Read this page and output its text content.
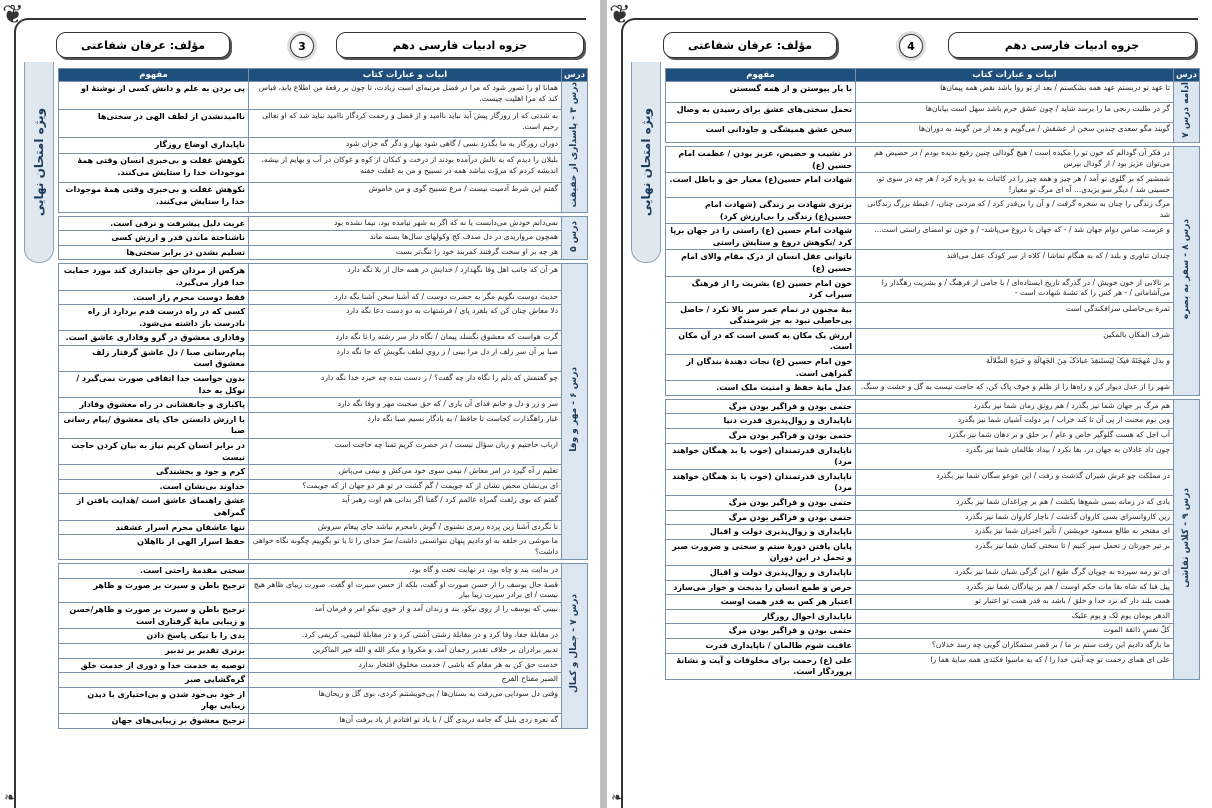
❦
جزوه ادبیات فارسی دهم
3
مؤلف: عرفان شفاعتی
ویژه امتحان نهایی
درس	ابیات و عبارات کتاب	مفهوم
درس ۳ - پاسداری از حقیقت	همانا او را تصور شود که مرا در فضل مرتبه‌ای است زیادت، تا چون بر رقعهٔ من اطلاع یابد، قیاس کند که مرا اهلیت چیست.	پی بردن به علم و دانش کسی از نوشتهٔ او
	به شدتی که از روزگار پیش آید نباید ناامید و از فضل و رحمت کردگار ناامید نباید شد که او تعالی رحیم است.	ناامیدنشدن از لطف الهی در سختی‌ها
	دوران روزگار به ما بگذرد بسی / گاهی شود بهار و دگر گه خزان شود	ناپایداری اوضاع روزگار
	بلبلان را دیدم که به نالش درآمده بودند از درخت و کبکان از کوه و غوکان در آب و بهایم از بیشه، اندیشه کردم که مروّت نباشد همه در تسبیح و من به غفلت خفته	نکوهش غفلت و بی‌خبری انسان وقتی همهٔ موجودات خدا را ستایش می‌کنند.
	گفتم این شرط آدمیت نیست / مرغ تسبیح گوی و من خاموش	نکوهش غفلت و بی‌خبری وقتی همهٔ موجودات خدا را ستایش می‌کنند.

درس ۵	نمی‌دانم خودش می‌دانست یا نه که اگر به شهر نیامده بود، نیما نشده بود	غربت دلیل پیشرفت و ترقی است.
	همچون مرواریدی در دل صدف کج وکولهای سال‌ها بسته ماند	ناشناخته ماندن قدر و ارزش کسی
	هر چه بر او سخت گرفتند کمربند خود را تنگ‌تر بست	تسلیم نشدن در برابر سختی‌ها

درس ۶ - مهر و وفا	هر آن که جانب اهل وفا نگهدارد / خدایش در همه حال از بلا نگه دارد	هرکس از مردان حق جانبداری کند مورد حمایت خدا قرار می‌گیرد.
	حدیث دوست نگویم مگر به حضرت دوست / که آشنا سخن آشنا نگه دارد	فقط دوست محرم راز است.
	دلا معاش چنان کن که بلغزد پای / فرشتهات به دو دست دعا نگه دارد	کسی که در راه درست قدم بردارد از راه نادرست باز داشته می‌شود.
	گرت هواست که معشوق نگسلد پیمان / نگاه دار سر رشته را تا نگه دارد	وفاداری معشوق در گرو وفاداری عاشق است.
	صبا بر آن سر زلف ار دل مرا بینی / ز روی لطف بگویش که جا نگه دارد	پیام‌رسانی صبا / دل عاشق گرفتار زلف معشوق است
	چو گفتمش که دلم را نگاه دار چه گفت؟ / ز دست بنده چه خیزد خدا نگه دارد	بدون خواست خدا اتفاقی صورت نمی‌گیرد /توکل به خدا
	سر و زر و دل و جانم فدای آن یاری / که حق صحبت مهر و وفا نگه دارد	پاکبازی و جانفشانی در راه معشوق وفادار
	غبار راهگذارت کجاست تا حافظ / به یادگار نسیم صبا نگه دارد	با ارزش دانستن خاک پای معشوق /پیام رسانی صبا
	ارباب حاجتیم و زبان سؤال نیست / در حضرت کریم تمنا چه حاجت است	در برابر انسان کریم نیاز به بیان کردن حاجت نیست
	تعلیم ز آه گیرد در امر معاش / نیمی سوی خود می‌کش و نیمی می‌پاش	کرم و جود و بخشندگی
	ای بی‌نشان محض نشان از که جویمت / گم گشت در تو هر دو جهان از که جویمت؟	خداوند بی‌نشان است.
	گفتم که بوی زلفت گمراه عالمم کرد / گفتا اگر بدانی هم اوت رهبر آید	عشق راهنمای عاشق است /هدایت یافتن از گمراهی
	تا نگردی آشنا زین پرده رمزی نشنوی / گوش نامحرم نباشد جای پیغام سروش	تنها عاشقان محرم اسرار عشقند
	ما موشی در حلقه به او دادیم پنهان نتوانستی داشت/ سرّ خدای را تا با تو بگوییم چگونه نگاه خواهی داشت؟	حفظ اسرار الهی از نااهلان

درس ۷ - جمال و کمال	در بدایت بند و چاه بود، در نهایت تخت و گاه بود.	سختی مقدمهٔ راحتی است.
	قصهٔ حال یوسف را از حسن صورت او گفت، بلکه از حسن سیرت او گفت. صورت زیبای ظاهر هیچ نیست / ای برادر سیرت زیبا بیار	ترجیح باطن و سیرت بر صورت و ظاهر
	نبینی که یوسف را از روی نیکو، بند و زندان آمد و از خوی نیکو امر و فرمان آمد	ترجیح باطن و سیرت بر صورت و ظاهر/حسن و زیبایی مایهٔ گرفتاری است
	در مقابلهٔ جفا، وفا کرد و در مقابلهٔ زشتی آشتی کرد و در مقابلهٔ لئیمی، کریمی کرد.	بدی را با نیکی پاسخ دادن
	تدبیر برادران بر خلاف تقدیر رحمان آمد. و مکروا و مکر الله و الله خیر الماکرین	برتری تقدیر بر تدبیر
	خدمت حق کن به هر مقام که باشی / خدمت مخلوق افتخار ندارد	توصیه به خدمت خدا و دوری از خدمت خلق
	الصبر مفتاح الفرج	گره‌گشایی صبر
	وقتی دل سودایی می‌رفت به بستان‌ها / بی‌خویشتنم کردی، بوی گل و ریحان‌ها	از خود بی‌خود شدن و بی‌اختیاری با دیدن زیبایی بهار
	گه نعره زدی بلبل گه جامه دریدی گل / با یاد تو افتادم از یاد برفت آن‌ها	ترجیح معشوق بر زیبایی‌های جهان
❧
❦
جزوه ادبیات فارسی دهم
4
مؤلف: عرفان شفاعتی
ویژه امتحان نهایی
درس	ابیات و عبارات کتاب	مفهوم
ادامه درس ۷	تا عهد تو دربستم عهد همه بشکستم / بعد از تو روا باشد نقض همه پیمان‌ها	با یار پیوستن و از همه گسستن
	گر در طلبت رنجی ما را برسد شاید / چون عشق حرم باشد سهل است بیابان‌ها	تحمل سختی‌های عشق برای رسیدن به وصال
	گویند مگو سعدی چندین سخن از عشقش / می‌گویم و بعد از من گویند به دوران‌ها	سخن عشق همیشگی و جاودانی است

درس ۸ - سفر به بصره	در فکر آن گودالم که خون تو را مکیده است / هیچ گودالی چنین رفیع ندیده بودم / در حضیض هم می‌توان عزیز بود / از گودال بپرس	در نشیب و حضیض، عزیز بودن / عظمت امام حسین (ع)
	شمشیر که بر گلوی تو آمد / هر چیز و همه چیز را در کائنات به دو پاره کرد / هر چه در سوی تو، حسینی شد / دیگر سو یزیدی... آه ای مرگ تو معیار!	شهادت امام حسین(ع) معیار حق و باطل است.
	مرگ زندگی را چنان به سخره گرفت / و آن را بی‌قدر کرد / که مردنی چنان، / غبطهٔ بزرگ زندگانی شد	برتری شهادت بر زندگی (شهادت امام حسین(ع) زندگی را بی‌ارزش کرد)
	و عزمت، ضامن دوام جهان شد / - که جهان با دروغ می‌پاشد- / و خون تو امضای راستی است...	شهادت امام حسین (ع) راستی را در جهان برپا کرد /نکوهش دروغ و ستایش راستی
	چندان تناوری و بلند / که به هنگام تماشا / کلاه از سر کودک عقل می‌افتد	ناتوانی عقل انسان از درک مقام والای امام حسین (ع)
	بر تالابی از خون خویش / در گذرگه تاریخ ایستاده‌ای / با جامی از فرهنگ / و بشریت رهگذار را می‌آشامانی / - هر کس را که تشنهٔ شهادت است -	خون امام حسین (ع) بشریت را از فرهنگ سیراب کرد
	ثمرهٔ بی‌حاصلی سرافکندگی است	بیهٔ مجنون در تمام عمر سر بالا نکرد / حاصل بی‌حاصلی نبود به جز شرمندگی
	شرف المکان بالمکین	ارزش یک مکان به کسی است که در آن مکان است.
	و بذل مُهجَتَهُ فیکَ لِیَستَنقِذَ عبادَکَ مِنَ الجَهالَةِ و حَیرَةِ الضَّلالَة	خون امام حسین (ع) نجات دهندهٔ بندگان از گمراهی است.
	شهر را از عدل دیوار کن و راه‌ها را از ظلم و خوف پاک کن، که حاجت نیست به گل و خشت و سنگ.	عدل مایهٔ حفظ و امنیت ملک است.

درس ۹ - کلاس نقاشی	هم مرگ بر جهان شما نیز بگذرد / هم رونق زمان شما نیز بگذرد	حتمی بودن و فراگیر بودن مرگ
	وین بوم محنت از پی آن تا کند خراب / بر دولت آشیان شما نیز بگذرد	ناپایداری و زوال‌پذیری قدرت دنیا
	آب اجل که هست گلوگیر خاص و عام / بر حلق و بر دهان شما نیز بگذرد	حتمی بودن و فراگیر بودن مرگ
	چون داد عادلان به جهان در، بقا نکرد / بیداد ظالمان شما نیز بگذرد	ناپایداری قدرتمندان (خوب یا بد همگان خواهند مرد)
	در مملکت چو غرش شیران گذشت و رفت / این عوعو سگان شما نیز بگذرد	ناپایداری قدرتمندان (خوب یا بد همگان خواهند مرد)
	بادی که در زمانه بسی شمع‌ها بکشت / هم بر چراغدان شما نیز بگذرد	حتمی بودن و فراگیر بودن مرگ
	زین کاروانسرای بسی کاروان گذشت / ناچار کاروان شما نیز بگذرد	حتمی بودن و فراگیر بودن مرگ
	ای مفتخر به طالع مسعود خویشتن / تأثیر اختران شما نیز بگذرد	ناپایداری و زوال‌پذیری دولت و اقبال
	بر تیر جورتان ز تحمل سپر کنیم / تا سختی کمان شما نیز بگذرد	پایان یافتن دورهٔ ستم و سختی و ضرورت صبر و تحمل در این دوران
	ای تو رمه سپرده به چوپان گرگ طبع / این گرگی شبان شما نیز بگذرد	ناپایداری و زوال‌پذیری دولت و اقبال
	پیل فنا که شاه بقا مات حکم اوست / هم بر پیادگان شما نیز بگذرد	حرص و طمع انسان را بدبخت و خوار می‌سازد
	همت بلند دار که نزد خدا و خلق / باشد به قدر همت تو اعتبار تو	اعتبار هر کس به قدر همت اوست
	الدهر یومان یوم لک و یوم علیک	ناپایداری احوال روزگار
	کلّ نفسٍ ذائقة الموت	حتمی بودن و فراگیر بودن مرگ
	ما بارگه دادیم این رفت ستم بر ما / بر قصر ستمکاران گویی چه رسد خذلان؟	عاقبت شوم ظالمان / ناپایداری قدرت
	علی ای همای رحمت تو چه آیتی خدا را / که به ماسوا فکندی همه سایهٔ هما را	علی (ع) رحمت برای مخلوقات و آیت و نشانهٔ پروردگار است.
❧
